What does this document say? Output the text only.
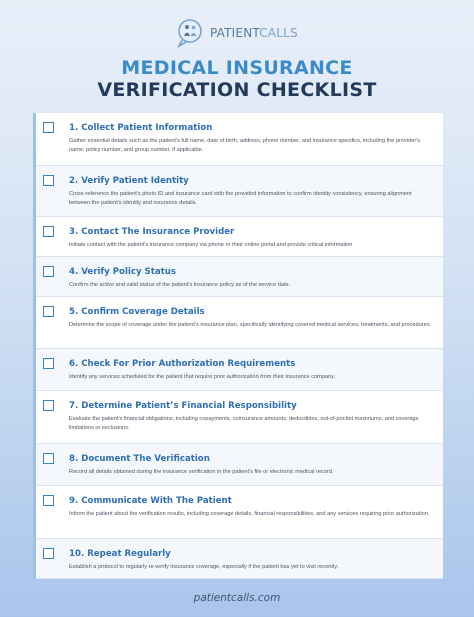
PATIENTCALLS
MEDICAL INSURANCE
VERIFICATION CHECKLIST
1. Collect Patient Information

Gather essential details such as the patient's full name, date of birth, address, phone number, and insurance specifics, including the provider's name, policy number, and group number, if applicable.

2. Verify Patient Identity

Cross-reference the patient's photo ID and insurance card with the provided information to confirm identity consistency, ensuring alignment between the patient's identity and insurance details.

3. Contact The Insurance Provider

Initiate contact with the patient's insurance company via phone or their online portal and provide critical information

4. Verify Policy Status

Confirm the active and valid status of the patient's insurance policy as of the service date.

5. Confirm Coverage Details

Determine the scope of coverage under the patient's insurance plan, specifically identifying covered medical services, treatments, and procedures.

6. Check For Prior Authorization Requirements

Identify any services scheduled for the patient that require prior authorization from their insurance company.

7. Determine Patient’s Financial Responsibility

Evaluate the patient's financial obligations, including copayments, coinsurance amounts, deductibles, out-of-pocket maximums, and coverage limitations or exclusions.

8. Document The Verification

Record all details obtained during the insurance verification in the patient's file or electronic medical record.

9. Communicate With The Patient

Inform the patient about the verification results, including coverage details, financial responsibilities, and any services requiring prior authorization.

10. Repeat Regularly

Establish a protocol to regularly re-verify insurance coverage, especially if the patient has yet to visit recently.

patientcalls.com
